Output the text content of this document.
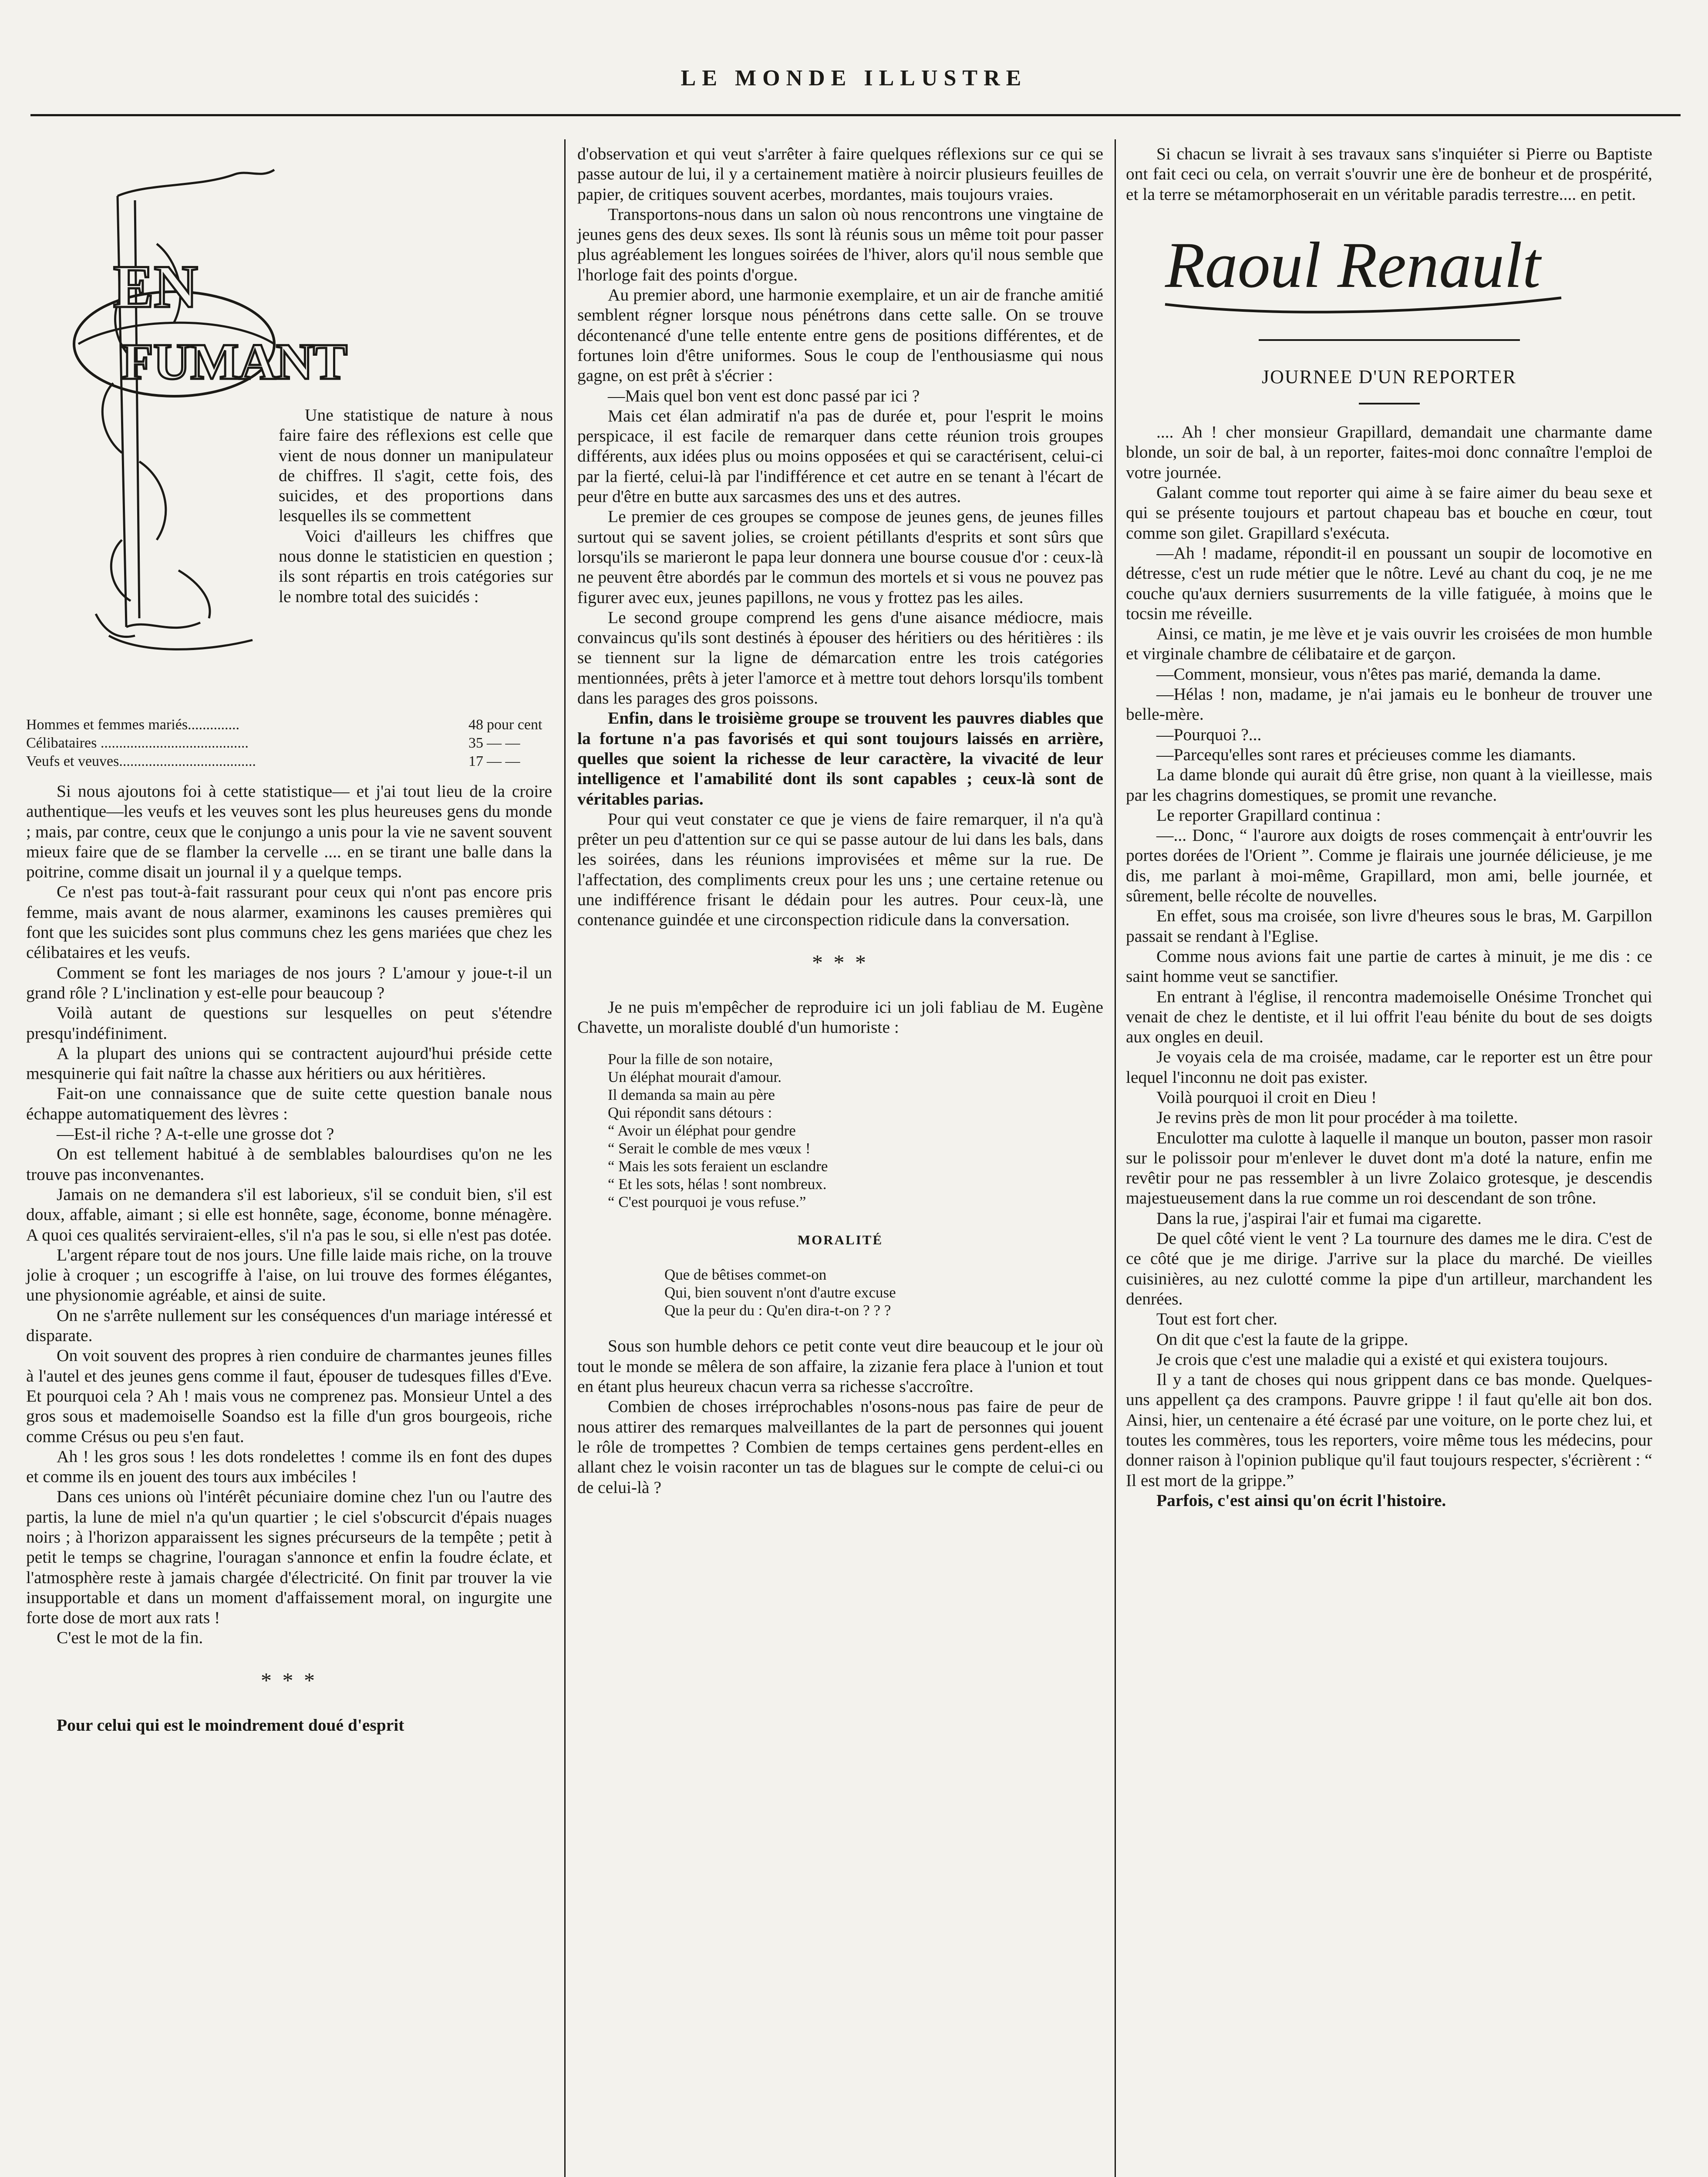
LE MONDE ILLUSTRE
EN
FUMANT

Une statistique de nature à nous faire faire des réflexions est celle que vient de nous donner un manipulateur de chiffres. Il s'agit, cette fois, des suicides, et des proportions dans lesquelles ils se commettent

Voici d'ailleurs les chiffres que nous donne le statisticien en question ; ils sont répartis en trois catégories sur le nombre total des suicidés :

Hommes et femmes mariés..............	48 pour cent
Célibataires ........................................	35 — —
Veufs et veuves.....................................	17 — —

Si nous ajoutons foi à cette statistique— et j'ai tout lieu de la croire authentique—les veufs et les veuves sont les plus heureuses gens du monde ; mais, par contre, ceux que le conjungo a unis pour la vie ne savent souvent mieux faire que de se flamber la cervelle .... en se tirant une balle dans la poitrine, comme disait un journal il y a quelque temps.

Ce n'est pas tout-à-fait rassurant pour ceux qui n'ont pas encore pris femme, mais avant de nous alarmer, examinons les causes premières qui font que les suicides sont plus communs chez les gens mariées que chez les célibataires et les veufs.

Comment se font les mariages de nos jours ? L'amour y joue-t-il un grand rôle ? L'inclination y est-elle pour beaucoup ?

Voilà autant de questions sur lesquelles on peut s'étendre presqu'indéfiniment.

A la plupart des unions qui se contractent aujourd'hui préside cette mesquinerie qui fait naître la chasse aux héritiers ou aux héritières.

Fait-on une connaissance que de suite cette question banale nous échappe automatiquement des lèvres :

—Est-il riche ? A-t-elle une grosse dot ?

On est tellement habitué à de semblables balourdises qu'on ne les trouve pas inconvenantes.

Jamais on ne demandera s'il est laborieux, s'il se conduit bien, s'il est doux, affable, aimant ; si elle est honnête, sage, économe, bonne ménagère. A quoi ces qualités serviraient-elles, s'il n'a pas le sou, si elle n'est pas dotée.

L'argent répare tout de nos jours. Une fille laide mais riche, on la trouve jolie à croquer ; un escogriffe à l'aise, on lui trouve des formes élégantes, une physionomie agréable, et ainsi de suite.

On ne s'arrête nullement sur les conséquences d'un mariage intéressé et disparate.

On voit souvent des propres à rien conduire de charmantes jeunes filles à l'autel et des jeunes gens comme il faut, épouser de tudesques filles d'Eve. Et pourquoi cela ? Ah ! mais vous ne comprenez pas. Monsieur Untel a des gros sous et mademoiselle Soandso est la fille d'un gros bourgeois, riche comme Crésus ou peu s'en faut.

Ah ! les gros sous ! les dots rondelettes ! comme ils en font des dupes et comme ils en jouent des tours aux imbéciles !

Dans ces unions où l'intérêt pécuniaire domine chez l'un ou l'autre des partis, la lune de miel n'a qu'un quartier ; le ciel s'obscurcit d'épais nuages noirs ; à l'horizon apparaissent les signes précurseurs de la tempête ; petit à petit le temps se chagrine, l'ouragan s'annonce et enfin la foudre éclate, et l'atmosphère reste à jamais chargée d'électricité. On finit par trouver la vie insupportable et dans un moment d'affaissement moral, on ingurgite une forte dose de mort aux rats !

C'est le mot de la fin.

* * *

Pour celui qui est le moindrement doué d'esprit

d'observation et qui veut s'arrêter à faire quelques réflexions sur ce qui se passe autour de lui, il y a certainement matière à noircir plusieurs feuilles de papier, de critiques souvent acerbes, mordantes, mais toujours vraies.

Transportons-nous dans un salon où nous rencontrons une vingtaine de jeunes gens des deux sexes. Ils sont là réunis sous un même toit pour passer plus agréablement les longues soirées de l'hiver, alors qu'il nous semble que l'horloge fait des points d'orgue.

Au premier abord, une harmonie exemplaire, et un air de franche amitié semblent régner lorsque nous pénétrons dans cette salle. On se trouve décontenancé d'une telle entente entre gens de positions différentes, et de fortunes loin d'être uniformes. Sous le coup de l'enthousiasme qui nous gagne, on est prêt à s'écrier :

—Mais quel bon vent est donc passé par ici ?

Mais cet élan admiratif n'a pas de durée et, pour l'esprit le moins perspicace, il est facile de remarquer dans cette réunion trois groupes différents, aux idées plus ou moins opposées et qui se caractérisent, celui-ci par la fierté, celui-là par l'indifférence et cet autre en se tenant à l'écart de peur d'être en butte aux sarcasmes des uns et des autres.

Le premier de ces groupes se compose de jeunes gens, de jeunes filles surtout qui se savent jolies, se croient pétillants d'esprits et sont sûrs que lorsqu'ils se marieront le papa leur donnera une bourse cousue d'or : ceux-là ne peuvent être abordés par le commun des mortels et si vous ne pouvez pas figurer avec eux, jeunes papillons, ne vous y frottez pas les ailes.

Le second groupe comprend les gens d'une aisance médiocre, mais convaincus qu'ils sont destinés à épouser des héritiers ou des héritières : ils se tiennent sur la ligne de démarcation entre les trois catégories mentionnées, prêts à jeter l'amorce et à mettre tout dehors lorsqu'ils tombent dans les parages des gros poissons.

Enfin, dans le troisième groupe se trouvent les pauvres diables que la fortune n'a pas favorisés et qui sont toujours laissés en arrière, quelles que soient la richesse de leur caractère, la vivacité de leur intelligence et l'amabilité dont ils sont capables ; ceux-là sont de véritables parias.

Pour qui veut constater ce que je viens de faire remarquer, il n'a qu'à prêter un peu d'attention sur ce qui se passe autour de lui dans les bals, dans les soirées, dans les réunions improvisées et même sur la rue. De l'affectation, des compliments creux pour les uns ; une certaine retenue ou une indifférence frisant le dédain pour les autres. Pour ceux-là, une contenance guindée et une circonspection ridicule dans la conversation.

* * *

Je ne puis m'empêcher de reproduire ici un joli fabliau de M. Eugène Chavette, un moraliste doublé d'un humoriste :

Pour la fille de son notaire,
Un éléphat mourait d'amour.
Il demanda sa main au père
Qui répondit sans détours :
“ Avoir un éléphat pour gendre
“ Serait le comble de mes vœux !
“ Mais les sots feraient un esclandre
“ Et les sots, hélas ! sont nombreux.
“ C'est pourquoi je vous refuse.”
MORALITÉ
Que de bêtises commet-on
Qui, bien souvent n'ont d'autre excuse
Que la peur du : Qu'en dira-t-on ? ? ?

Sous son humble dehors ce petit conte veut dire beaucoup et le jour où tout le monde se mêlera de son affaire, la zizanie fera place à l'union et tout en étant plus heureux chacun verra sa richesse s'accroître.

Combien de choses irréprochables n'osons-nous pas faire de peur de nous attirer des remarques malveillantes de la part de personnes qui jouent le rôle de trompettes ? Combien de temps certaines gens perdent-elles en allant chez le voisin raconter un tas de blagues sur le compte de celui-ci ou de celui-là ?

Si chacun se livrait à ses travaux sans s'inquiéter si Pierre ou Baptiste ont fait ceci ou cela, on verrait s'ouvrir une ère de bonheur et de prospérité, et la terre se métamorphoserait en un véritable paradis terrestre.... en petit.

Raoul Renault
JOURNEE D'UN REPORTER

.... Ah ! cher monsieur Grapillard, demandait une charmante dame blonde, un soir de bal, à un reporter, faites-moi donc connaître l'emploi de votre journée.

Galant comme tout reporter qui aime à se faire aimer du beau sexe et qui se présente toujours et partout chapeau bas et bouche en cœur, tout comme son gilet. Grapillard s'exécuta.

—Ah ! madame, répondit-il en poussant un soupir de locomotive en détresse, c'est un rude métier que le nôtre. Levé au chant du coq, je ne me couche qu'aux derniers susurrements de la ville fatiguée, à moins que le tocsin me réveille.

Ainsi, ce matin, je me lève et je vais ouvrir les croisées de mon humble et virginale chambre de célibataire et de garçon.

—Comment, monsieur, vous n'êtes pas marié, demanda la dame.

—Hélas ! non, madame, je n'ai jamais eu le bonheur de trouver une belle-mère.

—Pourquoi ?...

—Parcequ'elles sont rares et précieuses comme les diamants.

La dame blonde qui aurait dû être grise, non quant à la vieillesse, mais par les chagrins domestiques, se promit une revanche.

Le reporter Grapillard continua :

—... Donc, “ l'aurore aux doigts de roses commençait à entr'ouvrir les portes dorées de l'Orient ”. Comme je flairais une journée délicieuse, je me dis, me parlant à moi-même, Grapillard, mon ami, belle journée, et sûrement, belle récolte de nouvelles.

En effet, sous ma croisée, son livre d'heures sous le bras, M. Garpillon passait se rendant à l'Eglise.

Comme nous avions fait une partie de cartes à minuit, je me dis : ce saint homme veut se sanctifier.

En entrant à l'église, il rencontra mademoiselle Onésime Tronchet qui venait de chez le dentiste, et il lui offrit l'eau bénite du bout de ses doigts aux ongles en deuil.

Je voyais cela de ma croisée, madame, car le reporter est un être pour lequel l'inconnu ne doit pas exister.

Voilà pourquoi il croit en Dieu !

Je revins près de mon lit pour procéder à ma toilette.

Enculotter ma culotte à laquelle il manque un bouton, passer mon rasoir sur le polissoir pour m'enlever le duvet dont m'a doté la nature, enfin me revêtir pour ne pas ressembler à un livre Zolaico grotesque, je descendis majestueusement dans la rue comme un roi descendant de son trône.

Dans la rue, j'aspirai l'air et fumai ma cigarette.

De quel côté vient le vent ? La tournure des dames me le dira. C'est de ce côté que je me dirige. J'arrive sur la place du marché. De vieilles cuisinières, au nez culotté comme la pipe d'un artilleur, marchandent les denrées.

Tout est fort cher.

On dit que c'est la faute de la grippe.

Je crois que c'est une maladie qui a existé et qui existera toujours.

Il y a tant de choses qui nous grippent dans ce bas monde. Quelques-uns appellent ça des crampons. Pauvre grippe ! il faut qu'elle ait bon dos. Ainsi, hier, un centenaire a été écrasé par une voiture, on le porte chez lui, et toutes les commères, tous les reporters, voire même tous les médecins, pour donner raison à l'opinion publique qu'il faut toujours respecter, s'écrièrent : “ Il est mort de la grippe.”

Parfois, c'est ainsi qu'on écrit l'histoire.
